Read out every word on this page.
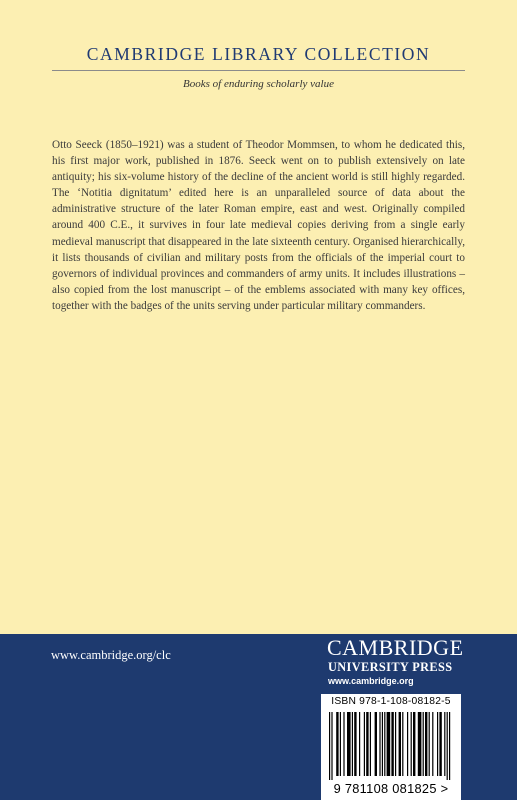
CAMBRIDGE LIBRARY COLLECTION
Books of enduring scholarly value

Otto Seeck (1850–1921) was a student of Theodor Mommsen, to whom he dedicated this, his first major work, published in 1876. Seeck went on to publish extensively on late antiquity; his six-volume history of the decline of the ancient world is still highly regarded. The ‘Notitia dignitatum’ edited here is an unparalleled source of data about the administrative structure of the later Roman empire, east and west. Originally compiled around 400 C.E., it survives in four late medieval copies deriving from a single early medieval manuscript that disappeared in the late sixteenth century. Organised hierarchically, it lists thousands of civilian and military posts from the officials of the imperial court to governors of individual provinces and commanders of army units. It includes illustrations – also copied from the lost manuscript – of the emblems associated with many key offices, together with the badges of the units serving under particular military commanders.

www.cambridge.org/clc	CAMBRIDGE
UNIVERSITY PRESS
www.cambridge.org
ISBN 978-1-108-08182-5
9 781108 081825 >
